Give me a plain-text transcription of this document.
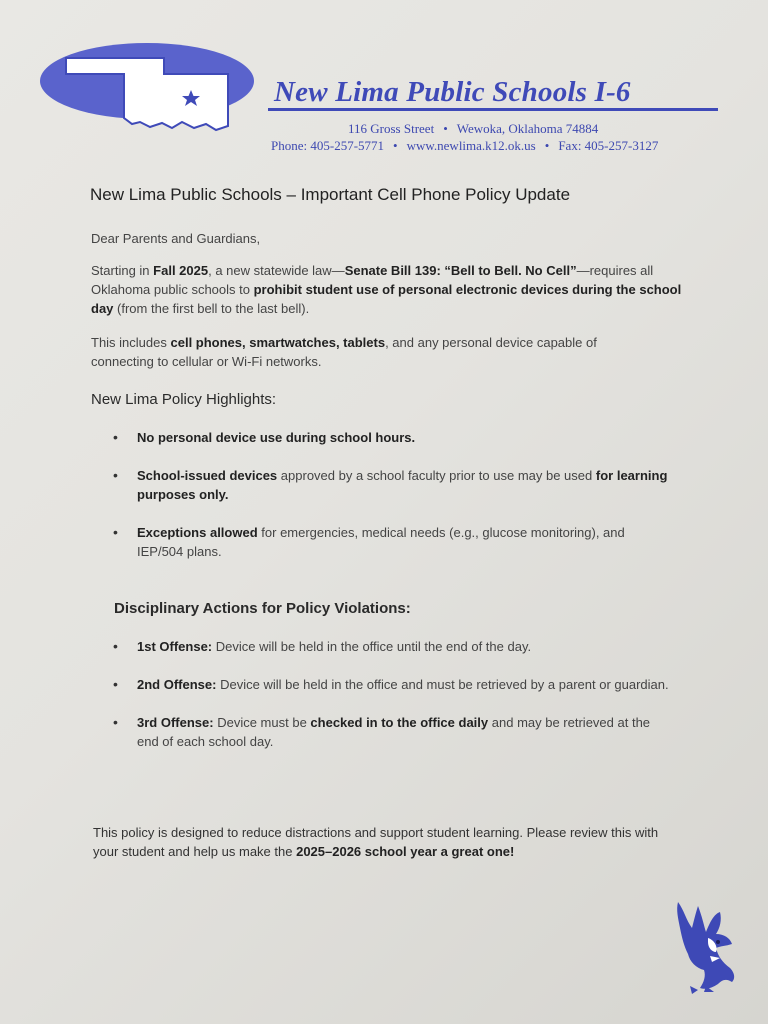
New Lima Public Schools I-6
116 Gross Street • Wewoka, Oklahoma 74884
Phone: 405-257-5771 • www.newlima.k12.ok.us • Fax: 405-257-3127
New Lima Public Schools – Important Cell Phone Policy Update

Dear Parents and Guardians,

Starting in Fall 2025, a new statewide law—Senate Bill 139: “Bell to Bell. No Cell”—requires all Oklahoma public schools to prohibit student use of personal electronic devices during the school day (from the first bell to the last bell).

This includes cell phones, smartwatches, tablets, and any personal device capable of connecting to cellular or Wi-Fi networks.

New Lima Policy Highlights:
• No personal device use during school hours.
• School-issued devices approved by a school faculty prior to use may be used for learning purposes only.
• Exceptions allowed for emergencies, medical needs (e.g., glucose monitoring), and IEP/504 plans.
Disciplinary Actions for Policy Violations:
• 1st Offense: Device will be held in the office until the end of the day.
• 2nd Offense: Device will be held in the office and must be retrieved by a parent or guardian.
• 3rd Offense: Device must be checked in to the office daily and may be retrieved at the end of each school day.

This policy is designed to reduce distractions and support student learning. Please review this with your student and help us make the 2025–2026 school year a great one!
